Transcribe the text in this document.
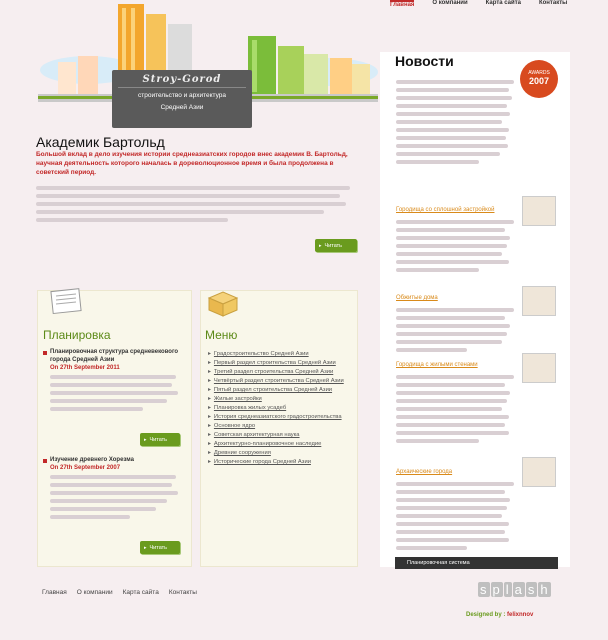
Главная	О компании	Карта сайта	Контакты
Stroy-Gorod
строительство и архитектура
Средней Азии
Академик Бартольд

Большой вклад в дело изучения истории среднеазиатских городов внес академик В. Бартольд, научная деятельность которого началась в дореволюционное время и была продолжена в советский период.

▸ Читать
Планировка
Планировочная структура средневекового города Средней Азии
On 27th September 2011
▸ Читать
Изучение древнего Хорезма
On 27th September 2007
▸ Читать
Меню
▸ Градостроительство Средней Азии
▸ Первый раздел строительства Средней Азии
▸ Третий раздел строительства Средней Азии
▸ Четвёртый раздел строительства Средней Азии
▸ Пятый раздел строительства Средней Азии
▸ Жилые застройки
▸ Планировка жилых усадеб
▸ История среднеазиатского градостроительства
▸ Основное ядро
▸ Советская архитектурная наука
▸ Архитектурно-планировочное наследие
▸ Древние сооружения
▸ Исторические города Средней Азии
Новости
AWARDS
2007
Городища со сплошной застройкой
Обжитые дома
Городища с жилыми стенами
Архаические города
Планировочная система
s p l a s h
Designed by : felixnnov
Главная О компании Карта сайта Контакты
